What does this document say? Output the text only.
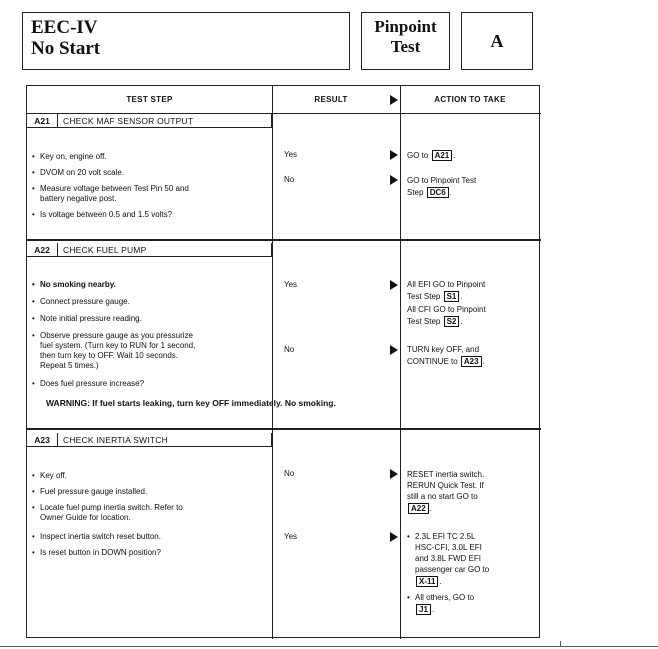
EEC-IV
No Start
Pinpoint
Test	A
TEST STEP	RESULT	ACTION TO TAKE
A21 CHECK MAF SENSOR OUTPUT
• Key on, engine off.
• DVOM on 20 volt scale.
• Measure voltage between Test Pin 50 and
battery negative post.
• Is voltage between 0.5 and 1.5 volts?
Yes	GO to A21 .
No	GO to Pinpoint Test
Step DC6 .
A22 CHECK FUEL PUMP
• No smoking nearby.
• Connect pressure gauge.
• Note initial pressure reading.
• Observe pressure gauge as you pressurize
fuel system. (Turn key to RUN for 1 second,
then turn key to OFF. Wait 10 seconds.
Repeat 5 times.)
• Does fuel pressure increase?
Yes	All EFI GO to Pinpoint
Test Step S1 .
All CFI GO to Pinpoint
Test Step S2 .
No	TURN key OFF, and
CONTINUE to A23 .
WARNING: If fuel starts leaking, turn key OFF immediately. No smoking.
A23 CHECK INERTIA SWITCH
• Key off.
• Fuel pressure gauge installed.
• Locate fuel pump inertia switch. Refer to
Owner Guide for location.
• Inspect inertia switch reset button.
• Is reset button in DOWN position?
No	RESET inertia switch.
RERUN Quick Test. If
still a no start GO to
A22 .
Yes
•	2.3L EFI TC 2.5L
HSC-CFI, 3.0L EFI
and 3.8L FWD EFI
passenger car GO to
X-11 .
• All others, GO to
J1 .
